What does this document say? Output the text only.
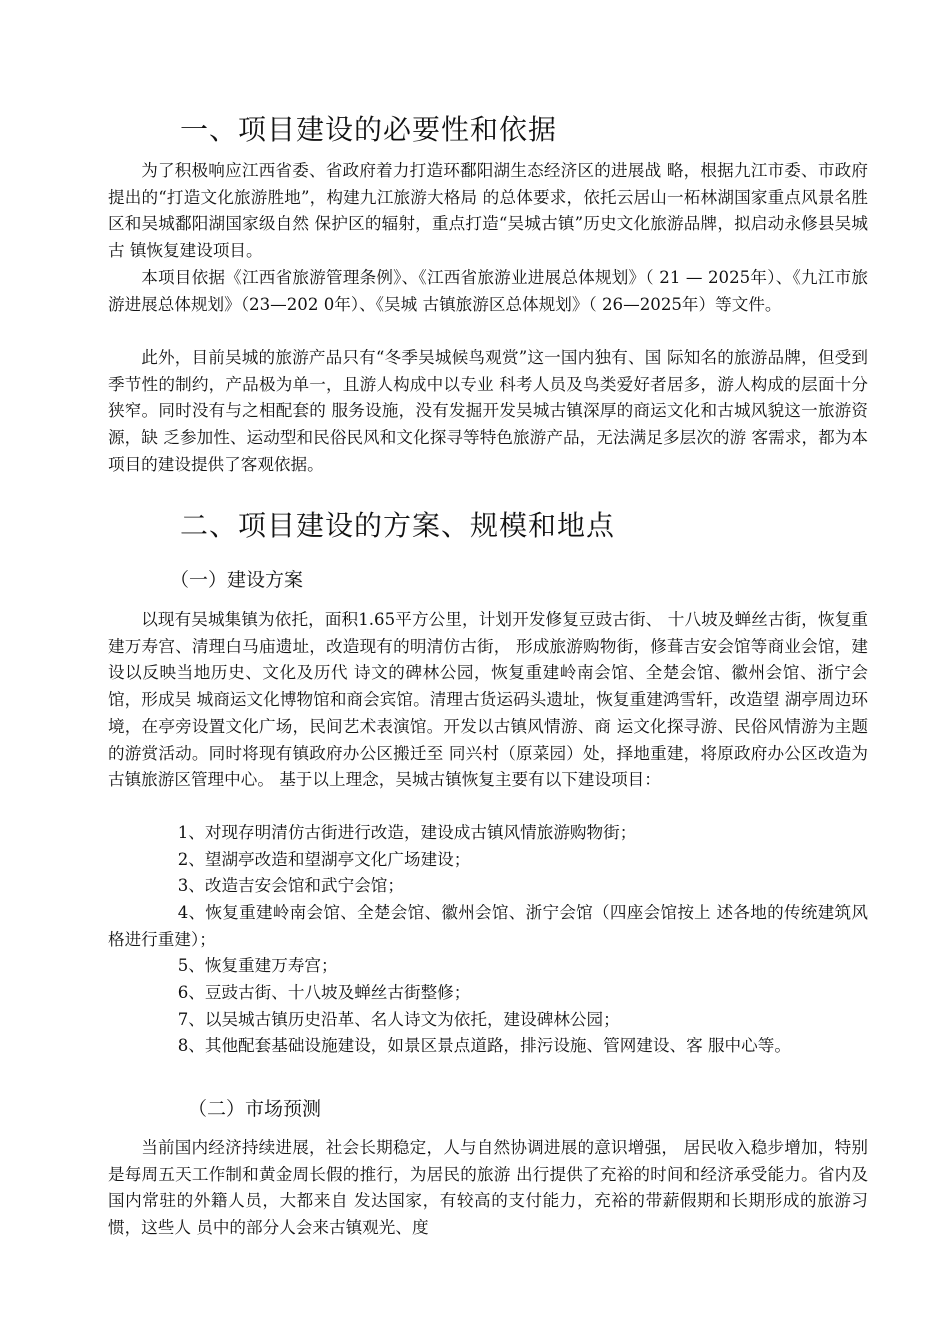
一、项目建设的必要性和依据

为了积极响应江西省委、省政府着力打造环鄱阳湖生态经济区的进展战 略，根据九江市委、市政府提出的“打造文化旅游胜地”，构建九江旅游大格局 的总体要求，依托云居山一柘林湖国家重点风景名胜区和吴城鄱阳湖国家级自然 保护区的辐射，重点打造“吴城古镇”历史文化旅游品牌，拟启动永修县吴城古 镇恢复建设项目。

本项目依据《江西省旅游管理条例》、《江西省旅游业进展总体规划》（ 21 — 2025年）、《九江市旅游进展总体规划》（23—202 0年）、《吴城 古镇旅游区总体规划》（ 26—2025年）等文件。

此外，目前吴城的旅游产品只有“冬季吴城候鸟观赏”这一国内独有、国 际知名的旅游品牌，但受到季节性的制约，产品极为单一，且游人构成中以专业 科考人员及鸟类爱好者居多，游人构成的层面十分狭窄。同时没有与之相配套的 服务设施，没有发掘开发吴城古镇深厚的商运文化和古城风貌这一旅游资源，缺 乏参加性、运动型和民俗民风和文化探寻等特色旅游产品，无法满足多层次的游 客需求，都为本项目的建设提供了客观依据。

二、项目建设的方案、规模和地点
（一）建设方案

以现有吴城集镇为依托，面积1.65平方公里，计划开发修复豆豉古街、 十八坡及蝉丝古街，恢复重建万寿宫、清理白马庙遗址，改造现有的明清仿古街， 形成旅游购物街，修葺吉安会馆等商业会馆，建设以反映当地历史、文化及历代 诗文的碑林公园，恢复重建岭南会馆、全楚会馆、徽州会馆、浙宁会馆，形成吴 城商运文化博物馆和商会宾馆。清理古货运码头遗址，恢复重建鸿雪轩，改造望 湖亭周边环境，在亭旁设置文化广场，民间艺术表演馆。开发以古镇风情游、商 运文化探寻游、民俗风情游为主题的游赏活动。同时将现有镇政府办公区搬迁至 同兴村（原菜园）处，择地重建，将原政府办公区改造为古镇旅游区管理中心。 基于以上理念，吴城古镇恢复主要有以下建设项目：

1、对现存明清仿古街进行改造，建设成古镇风情旅游购物街；

2、望湖亭改造和望湖亭文化广场建设；

3、改造吉安会馆和武宁会馆；

4、恢复重建岭南会馆、全楚会馆、徽州会馆、浙宁会馆（四座会馆按上 述各地的传统建筑风格进行重建）；

5、恢复重建万寿宫；

6、豆豉古街、十八坡及蝉丝古街整修；

7、以吴城古镇历史沿革、名人诗文为依托，建设碑林公园；

8、其他配套基础设施建设，如景区景点道路，排污设施、管网建设、客 服中心等。

（二）市场预测

当前国内经济持续进展，社会长期稳定，人与自然协调进展的意识增强， 居民收入稳步增加，特别是每周五天工作制和黄金周长假的推行，为居民的旅游 出行提供了充裕的时间和经济承受能力。省内及国内常驻的外籍人员，大都来自 发达国家，有较高的支付能力，充裕的带薪假期和长期形成的旅游习惯，这些人 员中的部分人会来古镇观光、度
